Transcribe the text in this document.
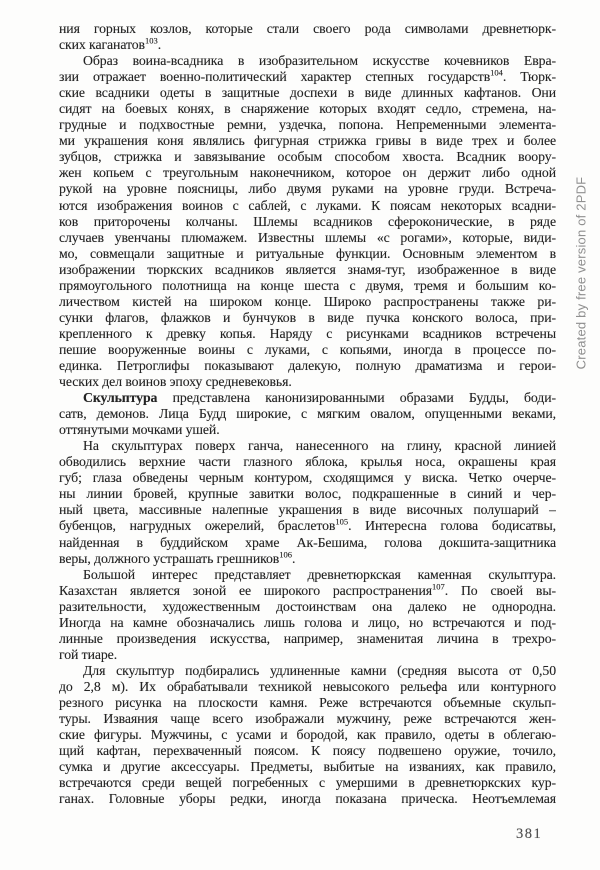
ния горных козлов, которые стали своего рода символами древнетюрк-
ских каганатов$^{103}$.
Образ воина-всадника в изобразительном искусстве кочевников Евра-
зии отражает военно-политический характер степных государств$^{104}$. Тюрк-
ские всадники одеты в защитные доспехи в виде длинных кафтанов. Они
сидят на боевых конях, в снаряжение которых входят седло, стремена, на-
грудные и подхвостные ремни, уздечка, попона. Непременными элемента-
ми украшения коня являлись фигурная стрижка гривы в виде трех и более
зубцов, стрижка и завязывание особым способом хвоста. Всадник воору-
жен копьем с треугольным наконечником, которое он держит либо одной
рукой на уровне поясницы, либо двумя руками на уровне груди. Встреча-
ются изображения воинов с саблей, с луками. К поясам некоторых всадни-
ков приторочены колчаны. Шлемы всадников сфероконические, в ряде
случаев увенчаны плюмажем. Известны шлемы «с рогами», которые, види-
мо, совмещали защитные и ритуальные функции. Основным элементом в
изображении тюркских всадников является знамя-туг, изображенное в виде
прямоугольного полотнища на конце шеста с двумя, тремя и большим ко-
личеством кистей на широком конце. Широко распространены также ри-
сунки флагов, флажков и бунчуков в виде пучка конского волоса, при-
крепленного к древку копья. Наряду с рисунками всадников встречены
пешие вооруженные воины с луками, с копьями, иногда в процессе по-
единка. Петроглифы показывают далекую, полную драматизма и герои-
ческих дел воинов эпоху средневековья.
Скульптура представлена канонизированными образами Будды, боди-
сатв, демонов. Лица Будд широкие, с мягким овалом, опущенными веками,
оттянутыми мочками ушей.
На скульптурах поверх ганча, нанесенного на глину, красной линией
обводились верхние части глазного яблока, крылья носа, окрашены края
губ; глаза обведены черным контуром, сходящимся у виска. Четко очерче-
ны линии бровей, крупные завитки волос, подкрашенные в синий и чер-
ный цвета, массивные налепные украшения в виде височных полушарий –
бубенцов, нагрудных ожерелий, браслетов$^{105}$. Интересна голова бодисатвы,
найденная в буддийском храме Ак-Бешима, голова докшита-защитника
веры, должного устрашать грешников$^{106}$.
Большой интерес представляет древнетюркская каменная скульптура.
Казахстан является зоной ее широкого распространения$^{107}$. По своей вы-
разительности, художественным достоинствам она далеко не однородна.
Иногда на камне обозначались лишь голова и лицо, но встречаются и под-
линные произведения искусства, например, знаменитая личина в трехро-
гой тиаре.
Для скульптур подбирались удлиненные камни (средняя высота от 0,50
до 2,8 м). Их обрабатывали техникой невысокого рельефа или контурного
резного рисунка на плоскости камня. Реже встречаются объемные скульп-
туры. Изваяния чаще всего изображали мужчину, реже встречаются жен-
ские фигуры. Мужчины, с усами и бородой, как правило, одеты в облегаю-
щий кафтан, перехваченный поясом. К поясу подвешено оружие, точило,
сумка и другие аксессуары. Предметы, выбитые на изваниях, как правило,
встречаются среди вещей погребенных с умершими в древнетюркских кур-
ганах. Головные уборы редки, иногда показана прическа. Неотъемлемая
Created by free version of 2PDF
381
